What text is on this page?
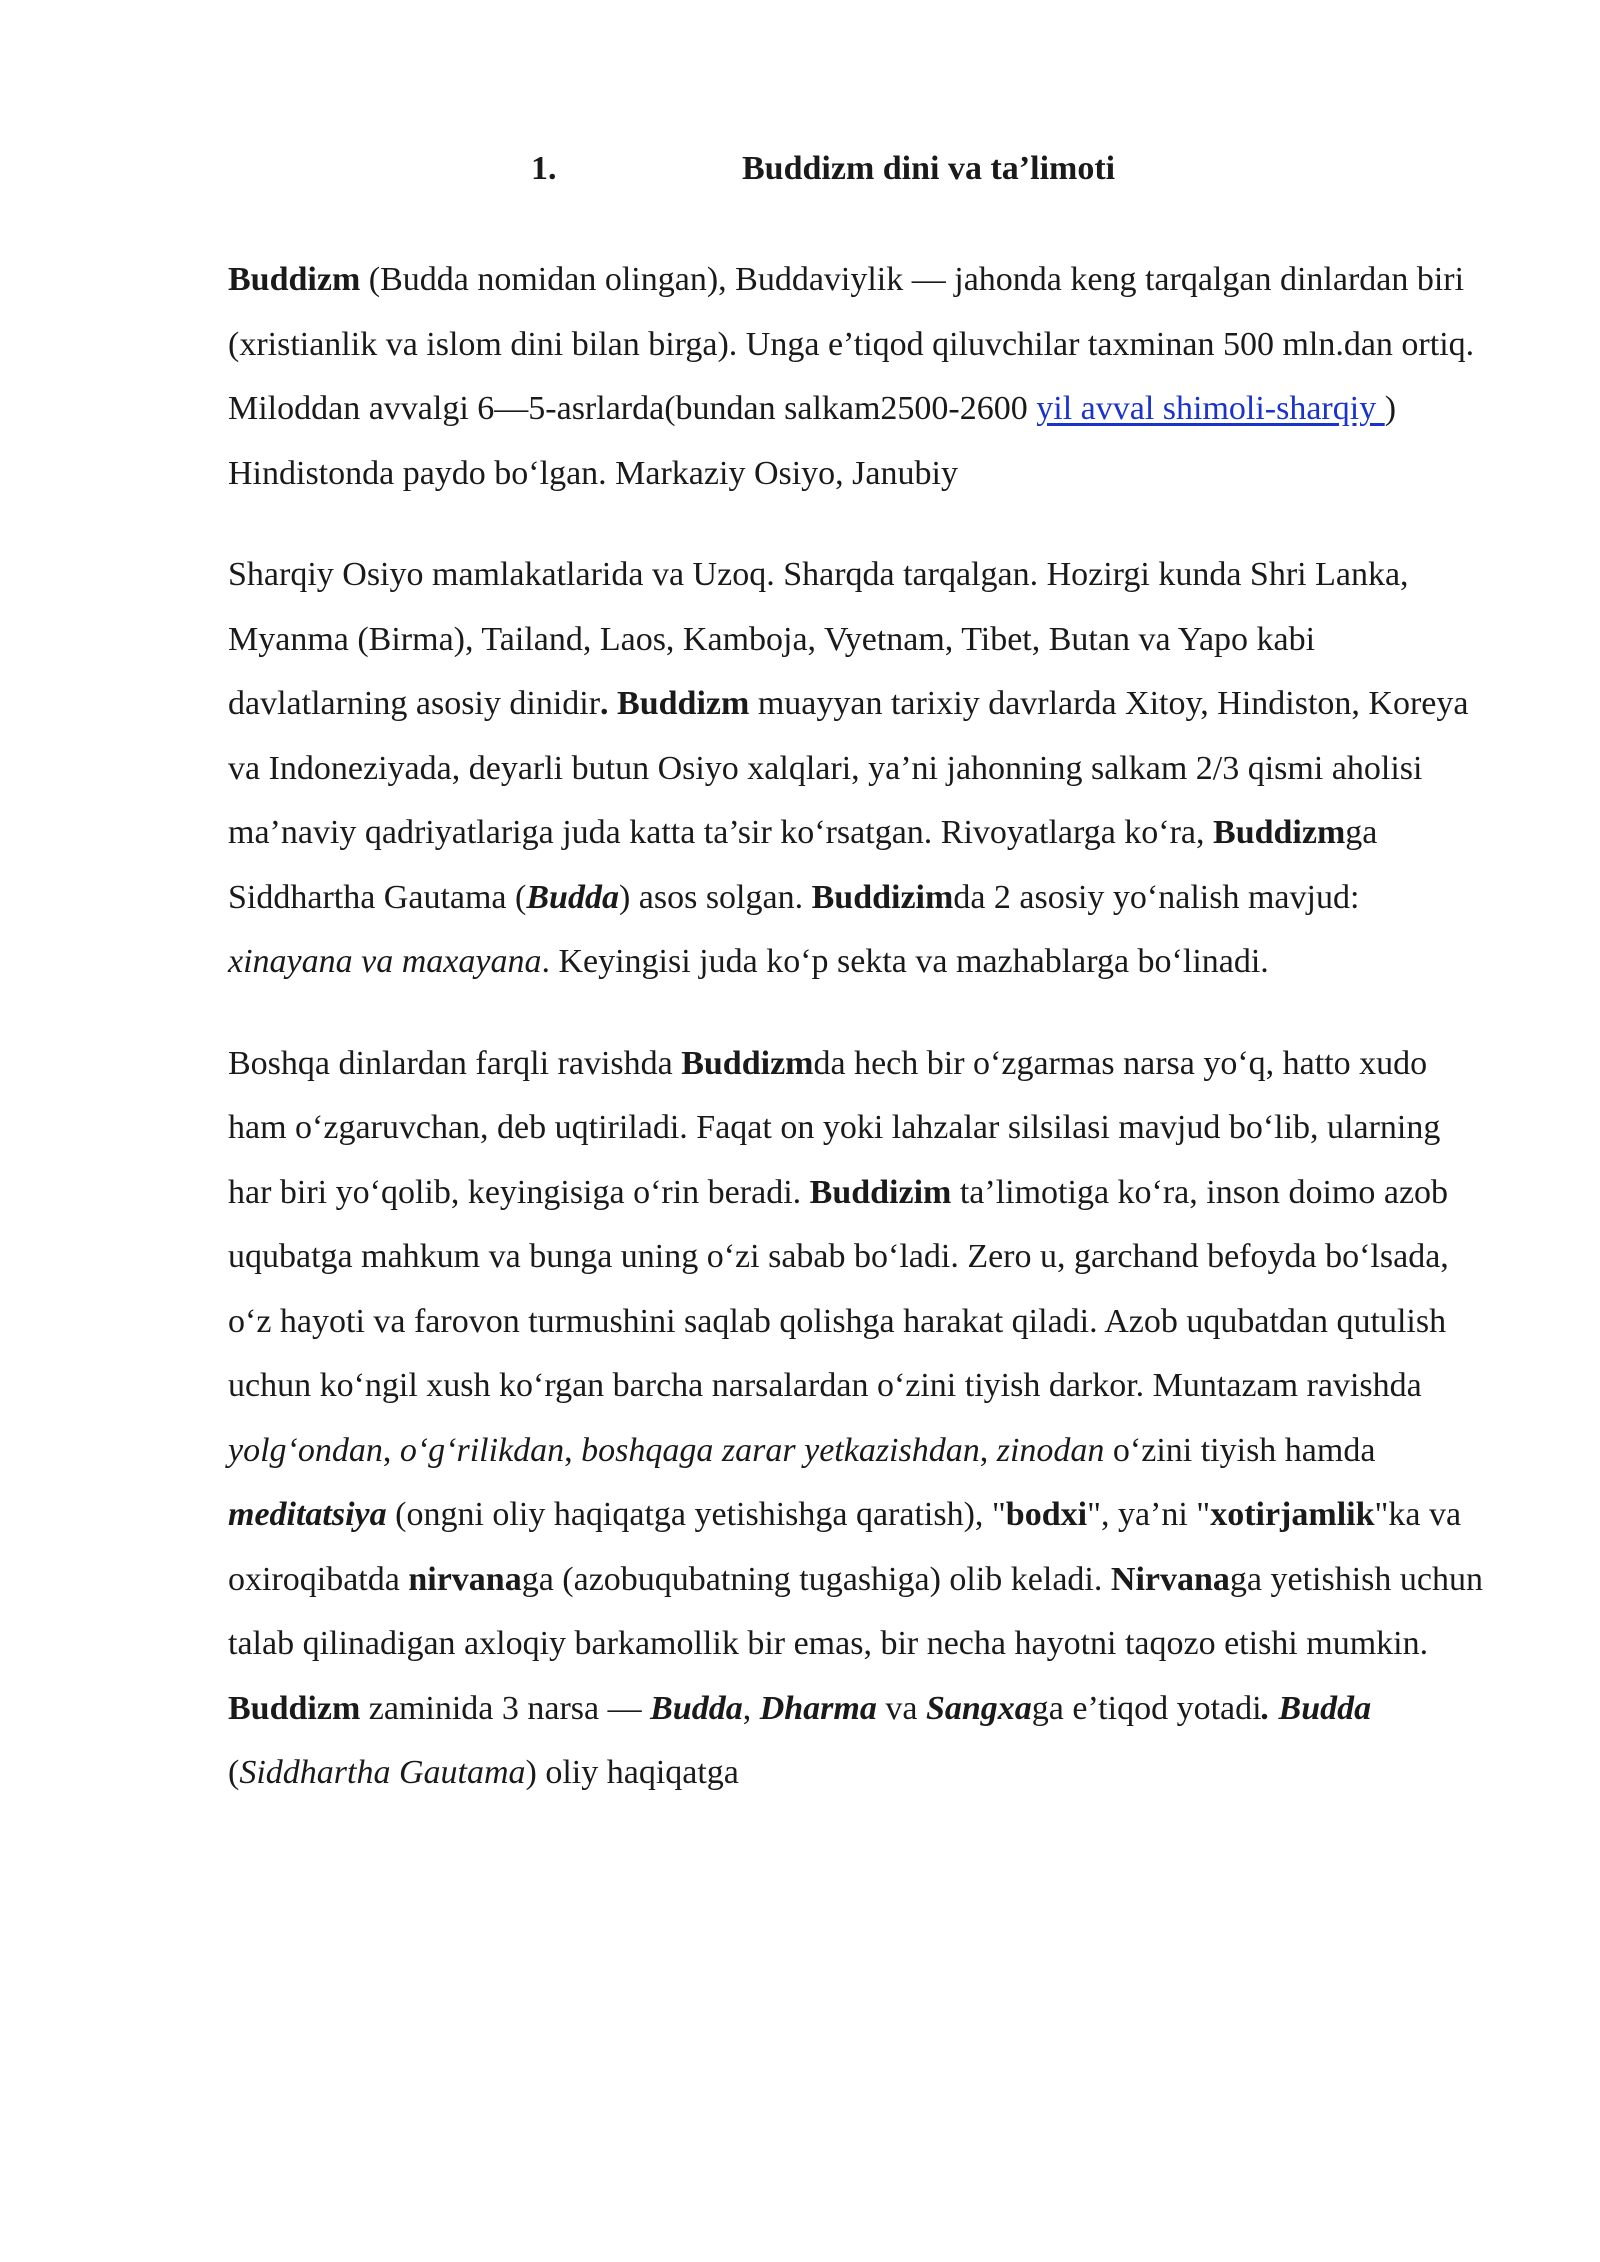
1.	Buddizm dini va ta’limoti

Buddizm (Budda nomidan olingan), Buddaviylik — jahonda keng tarqalgan dinlardan biri (xristianlik va islom dini bilan birga). Unga e’tiqod qiluvchilar taxminan 500 mln.dan ortiq. Miloddan avvalgi 6—5-asrlarda(bundan salkam2500-2600 yil avval shimoli-sharqiy ) Hindistonda paydo bo‘lgan. Markaziy Osiyo, Janubiy

Sharqiy Osiyo mamlakatlarida va Uzoq. Sharqda tarqalgan. Hozirgi kunda Shri Lanka, Myanma (Birma), Tailand, Laos, Kamboja, Vyetnam, Tibet, Butan va Yapo kabi davlatlarning asosiy dinidir. Buddizm muayyan tarixiy davrlarda Xitoy, Hindiston, Koreya va Indoneziyada, deyarli butun Osiyo xalqlari, ya’ni jahonning salkam 2/3 qismi aholisi ma’naviy qadriyatlariga juda katta ta’sir ko‘rsatgan. Rivoyatlarga ko‘ra, Buddizmga Siddhartha Gautama (Budda) asos solgan. Buddizimda 2 asosiy yo‘nalish mavjud: xinayana va maxayana. Keyingisi juda ko‘p sekta va mazhablarga bo‘linadi.

Boshqa dinlardan farqli ravishda Buddizmda hech bir o‘zgarmas narsa yo‘q, hatto xudo ham o‘zgaruvchan, deb uqtiriladi. Faqat on yoki lahzalar silsilasi mavjud bo‘lib, ularning har biri yo‘qolib, keyingisiga o‘rin beradi. Buddizim ta’limotiga ko‘ra, inson doimo azob uqubatga mahkum va bunga uning o‘zi sabab bo‘ladi. Zero u, garchand befoyda bo‘lsada, o‘z hayoti va farovon turmushini saqlab qolishga harakat qiladi. Azob uqubatdan qutulish uchun ko‘ngil xush ko‘rgan barcha narsalardan o‘zini tiyish darkor. Muntazam ravishda yolg‘ondan, o‘g‘rilikdan, boshqaga zarar yetkazishdan, zinodan o‘zini tiyish hamda meditatsiya (ongni oliy haqiqatga yetishishga qaratish), "bodxi", ya’ni "xotirjamlik"ka va oxiroqibatda nirvanaga (azobuqubatning tugashiga) olib keladi. Nirvanaga yetishish uchun talab qilinadigan axloqiy barkamollik bir emas, bir necha hayotni taqozo etishi mumkin. Buddizm zaminida 3 narsa — Budda, Dharma va Sangxaga e’tiqod yotadi. Budda (Siddhartha Gautama) oliy haqiqatga
